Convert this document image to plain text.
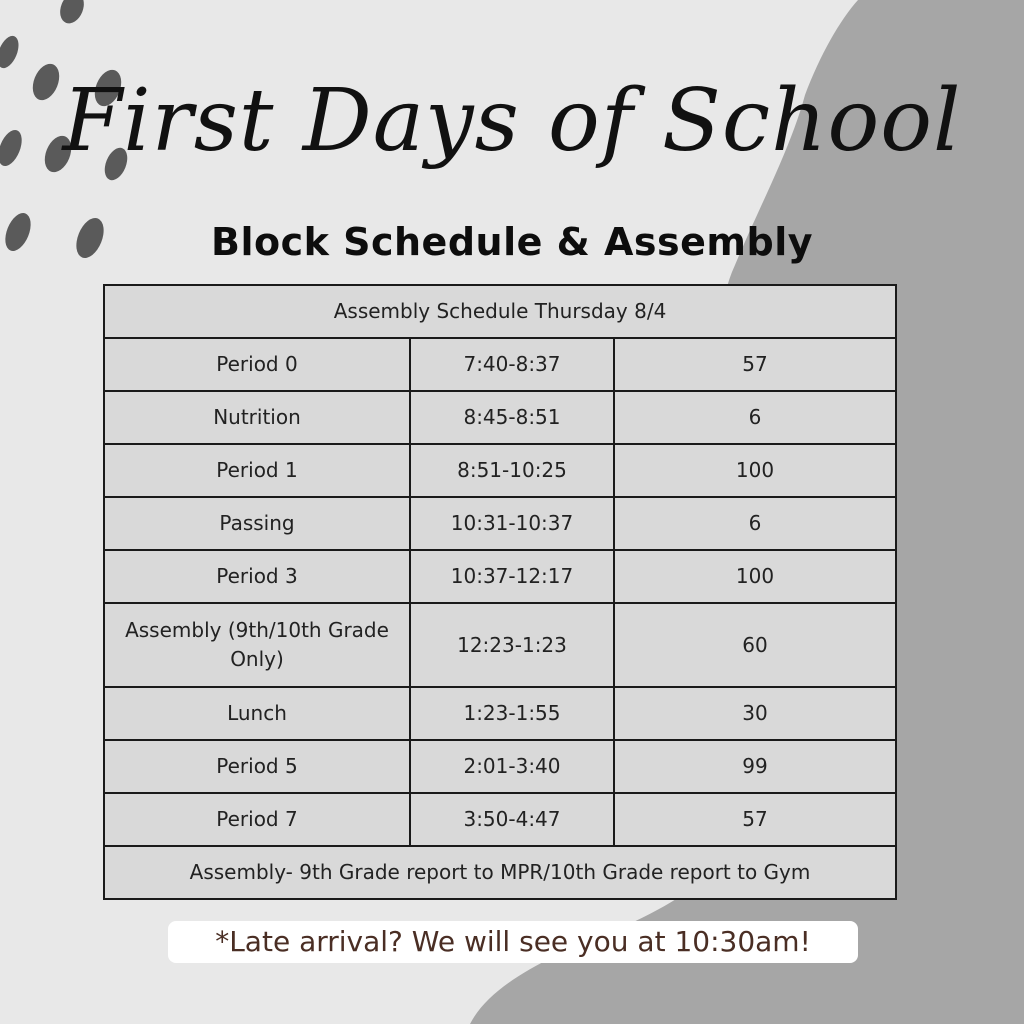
First Days of School
Block Schedule & Assembly
Assembly Schedule Thursday 8/4		
Period 0	7:40-8:37	57
Nutrition	8:45-8:51	6
Period 1	8:51-10:25	100
Passing	10:31-10:37	6
Period 3	10:37-12:17	100
Assembly (9th/10th Grade Only)	12:23-1:23	60
Lunch	1:23-1:55	30
Period 5	2:01-3:40	99
Period 7	3:50-4:47	57
Assembly- 9th Grade report to MPR/10th Grade report to Gym		
*Late arrival? We will see you at 10:30am!
